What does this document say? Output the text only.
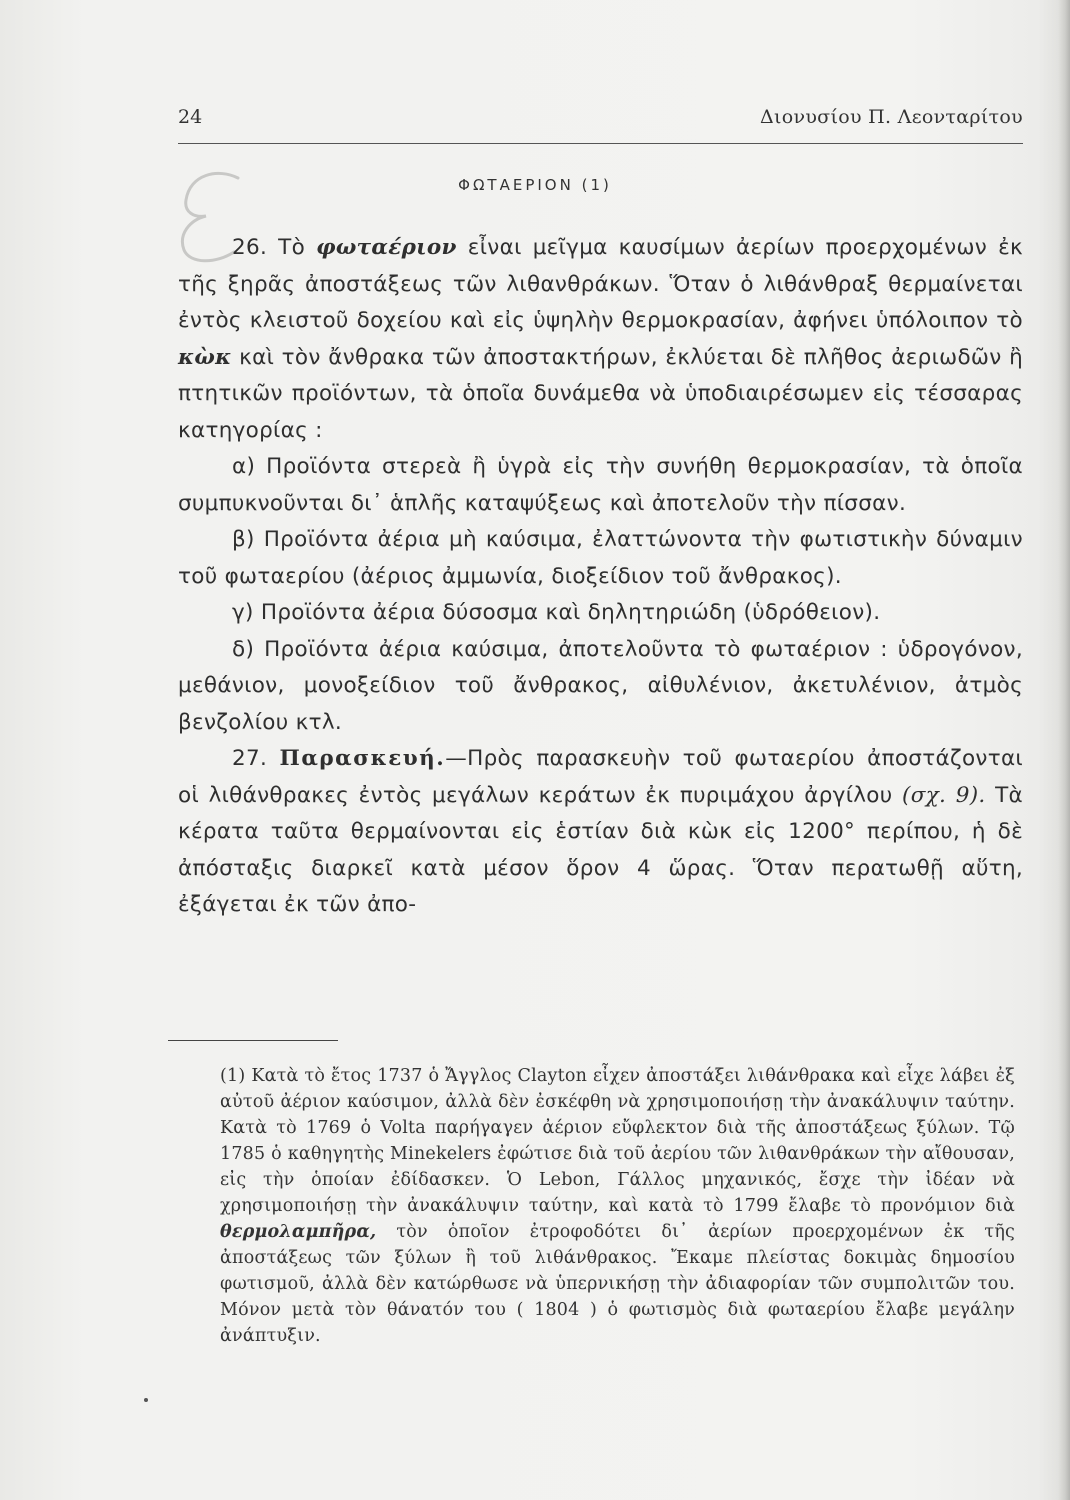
24	Διονυσίου Π. Λεονταρίτου
ΦΩΤΑΕΡΙΟΝ (1)

26. Τὸ φωταέριον εἶναι μεῖγμα καυσίμων ἀερίων προερχομένων ἐκ τῆς ξηρᾶς ἀποστάξεως τῶν λιθανθράκων. Ὅταν ὁ λιθάνθραξ θερμαίνεται ἐντὸς κλειστοῦ δοχείου καὶ εἰς ὑψηλὴν θερμοκρασίαν, ἀφήνει ὑπόλοιπον τὸ κὼκ καὶ τὸν ἄνθρακα τῶν ἀποστακτήρων, ἐκλύεται δὲ πλῆθος ἀεριωδῶν ἢ πτητικῶν προϊόντων, τὰ ὁποῖα δυνάμεθα νὰ ὑποδιαιρέσωμεν εἰς τέσσαρας κατηγορίας :

α) Προϊόντα στερεὰ ἢ ὑγρὰ εἰς τὴν συνήθη θερμοκρασίαν, τὰ ὁποῖα συμπυκνοῦνται δι᾿ ἁπλῆς καταψύξεως καὶ ἀποτελοῦν τὴν πίσσαν.

β) Προϊόντα ἀέρια μὴ καύσιμα, ἐλαττώνοντα τὴν φωτιστικὴν δύναμιν τοῦ φωταερίου (ἀέριος ἀμμωνία, διοξείδιον τοῦ ἄνθρακος).

γ) Προϊόντα ἀέρια δύσοσμα καὶ δηλητηριώδη (ὑδρόθειον).

δ) Προϊόντα ἀέρια καύσιμα, ἀποτελοῦντα τὸ φωταέριον : ὑδρογόνον, μεθάνιον, μονοξείδιον τοῦ ἄνθρακος, αἰθυλένιον, ἀκετυλένιον, ἀτμὸς βενζολίου κτλ.

27. Παρασκευή.—Πρὸς παρασκευὴν τοῦ φωταερίου ἀποστάζονται οἱ λιθάνθρακες ἐντὸς μεγάλων κεράτων ἐκ πυριμάχου ἀργίλου (σχ. 9). Τὰ κέρατα ταῦτα θερμαίνονται εἰς ἑστίαν διὰ κὼκ εἰς 1200° περίπου, ἡ δὲ ἀπόσταξις διαρκεῖ κατὰ μέσον ὅρον 4 ὥρας. Ὅταν περατωθῇ αὕτη, ἐξάγεται ἐκ τῶν ἀπο-

(1) Κατὰ τὸ ἔτος 1737 ὁ Ἄγγλος Clayton εἶχεν ἀποστάξει λιθάνθρακα καὶ εἶχε λάβει ἐξ αὐτοῦ ἀέριον καύσιμον, ἀλλὰ δὲν ἐσκέφθη νὰ χρησιμοποιήσῃ τὴν ἀνακάλυψιν ταύτην. Κατὰ τὸ 1769 ὁ Volta παρήγαγεν ἀέριον εὔφλεκτον διὰ τῆς ἀποστάξεως ξύλων. Τῷ 1785 ὁ καθηγητὴς Minekelers ἐφώτισε διὰ τοῦ ἀερίου τῶν λιθανθράκων τὴν αἴθουσαν, εἰς τὴν ὁποίαν ἐδίδασκεν. Ὁ Lebon, Γάλλος μηχανικός, ἔσχε τὴν ἰδέαν νὰ χρησιμοποιήσῃ τὴν ἀνακάλυψιν ταύτην, καὶ κατὰ τὸ 1799 ἔλαβε τὸ προνόμιον διὰ θερμολαμπῆρα, τὸν ὁποῖον ἐτροφοδότει δι᾿ ἀερίων προερχομένων ἐκ τῆς ἀποστάξεως τῶν ξύλων ἢ τοῦ λιθάνθρακος. Ἔκαμε πλείστας δοκιμὰς δημοσίου φωτισμοῦ, ἀλλὰ δὲν κατώρθωσε νὰ ὑπερνικήσῃ τὴν ἀδιαφορίαν τῶν συμπολιτῶν του. Μόνον μετὰ τὸν θάνατόν του ( 1804 ) ὁ φωτισμὸς διὰ φωταερίου ἔλαβε μεγάλην ἀνάπτυξιν.
